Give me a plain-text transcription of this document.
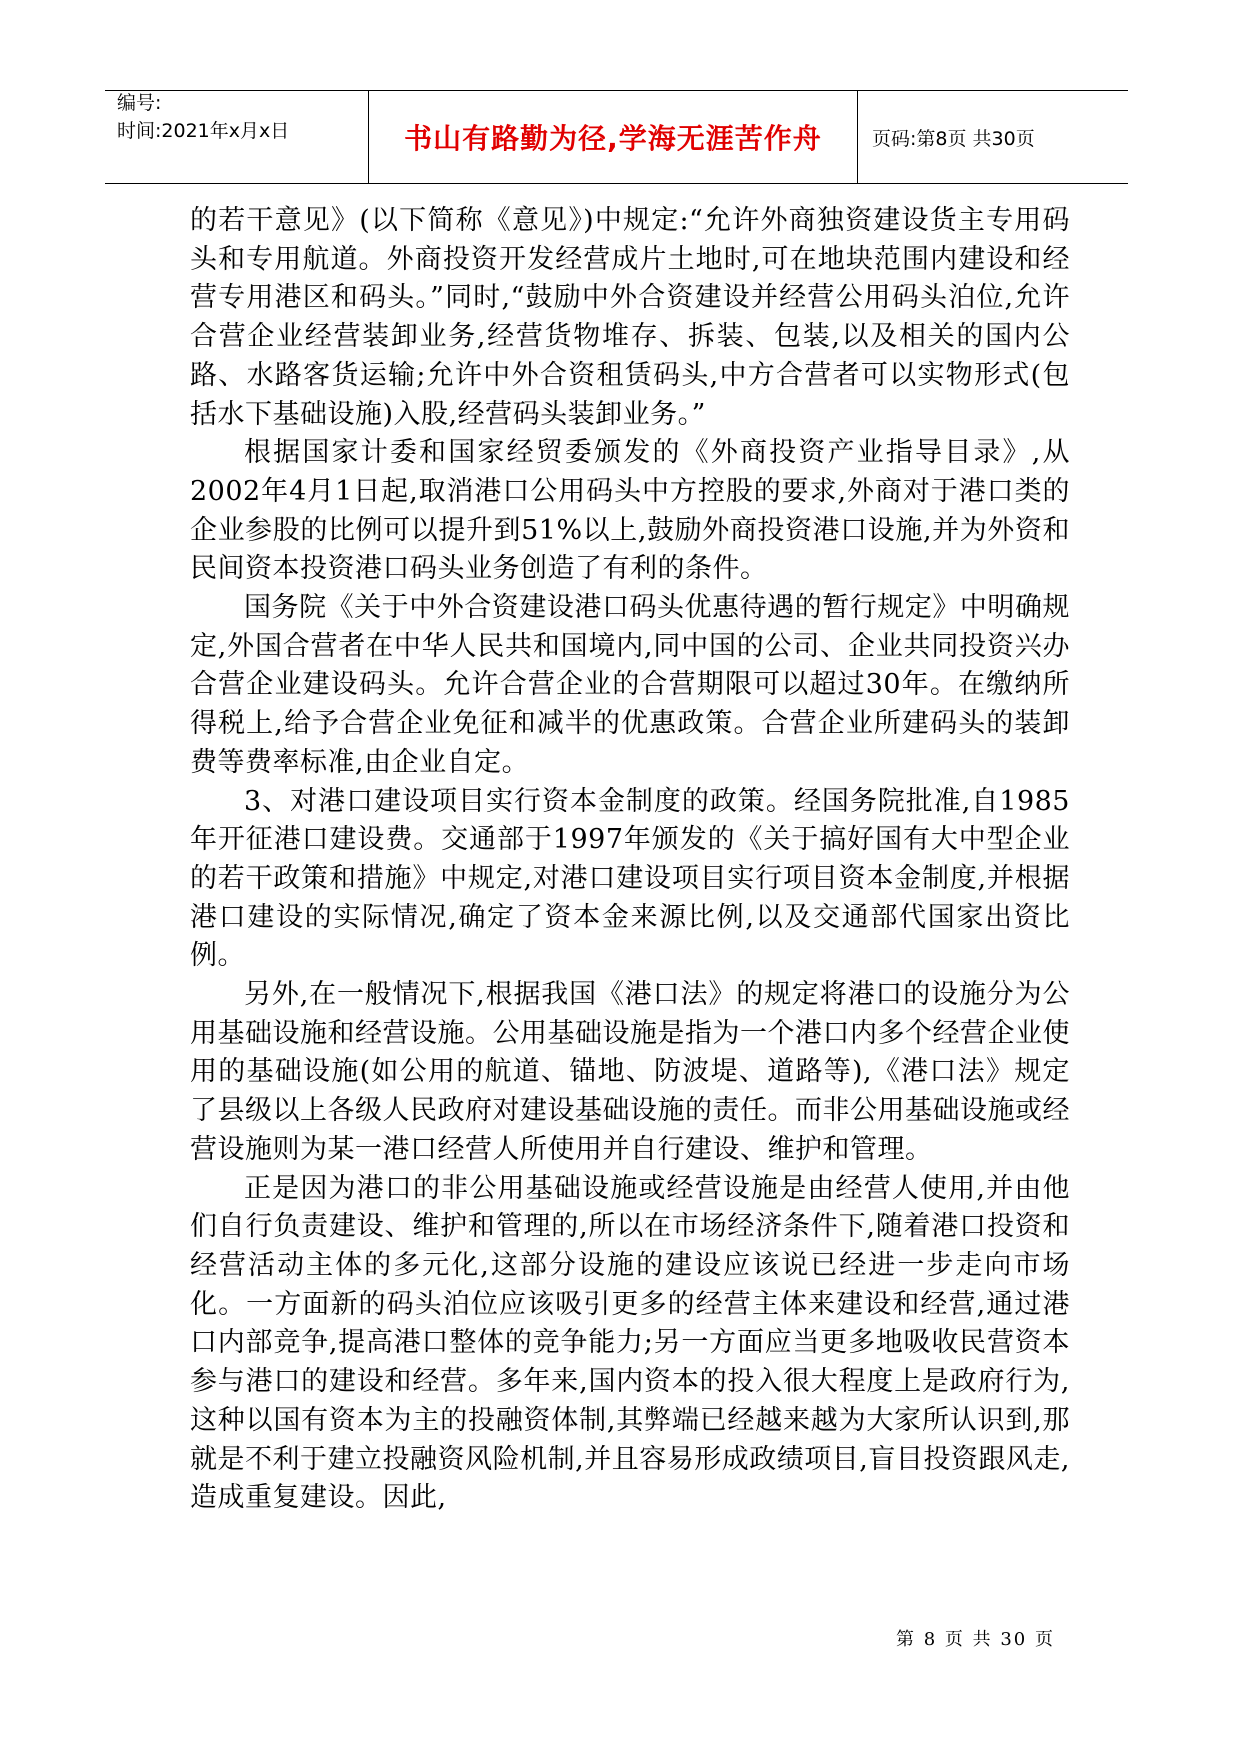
编号:
时间:2021年x月x日	书山有路勤为径,学海无涯苦作舟	页码:第8页 共30页

的若干意见》(以下简称《意见》)中规定:“允许外商独资建设货主专用码头和专用航道。外商投资开发经营成片土地时,可在地块范围内建设和经营专用港区和码头。”同时,“鼓励中外合资建设并经营公用码头泊位,允许合营企业经营装卸业务,经营货物堆存、拆装、包装,以及相关的国内公路、水路客货运输;允许中外合资租赁码头,中方合营者可以实物形式(包括水下基础设施)入股,经营码头装卸业务。”

根据国家计委和国家经贸委颁发的《外商投资产业指导目录》,从2002年4月1日起,取消港口公用码头中方控股的要求,外商对于港口类的企业参股的比例可以提升到51%以上,鼓励外商投资港口设施,并为外资和民间资本投资港口码头业务创造了有利的条件。

国务院《关于中外合资建设港口码头优惠待遇的暂行规定》中明确规定,外国合营者在中华人民共和国境内,同中国的公司、企业共同投资兴办合营企业建设码头。允许合营企业的合营期限可以超过30年。在缴纳所得税上,给予合营企业免征和减半的优惠政策。合营企业所建码头的装卸费等费率标准,由企业自定。

3、对港口建设项目实行资本金制度的政策。经国务院批准,自1985年开征港口建设费。交通部于1997年颁发的《关于搞好国有大中型企业的若干政策和措施》中规定,对港口建设项目实行项目资本金制度,并根据港口建设的实际情况,确定了资本金来源比例,以及交通部代国家出资比例。

另外,在一般情况下,根据我国《港口法》的规定将港口的设施分为公用基础设施和经营设施。公用基础设施是指为一个港口内多个经营企业使用的基础设施(如公用的航道、锚地、防波堤、道路等),《港口法》规定了县级以上各级人民政府对建设基础设施的责任。而非公用基础设施或经营设施则为某一港口经营人所使用并自行建设、维护和管理。

正是因为港口的非公用基础设施或经营设施是由经营人使用,并由他们自行负责建设、维护和管理的,所以在市场经济条件下,随着港口投资和经营活动主体的多元化,这部分设施的建设应该说已经进一步走向市场化。一方面新的码头泊位应该吸引更多的经营主体来建设和经营,通过港口内部竞争,提高港口整体的竞争能力;另一方面应当更多地吸收民营资本参与港口的建设和经营。多年来,国内资本的投入很大程度上是政府行为,这种以国有资本为主的投融资体制,其弊端已经越来越为大家所认识到,那就是不利于建立投融资风险机制,并且容易形成政绩项目,盲目投资跟风走,造成重复建设。因此,

第 8 页 共 30 页
